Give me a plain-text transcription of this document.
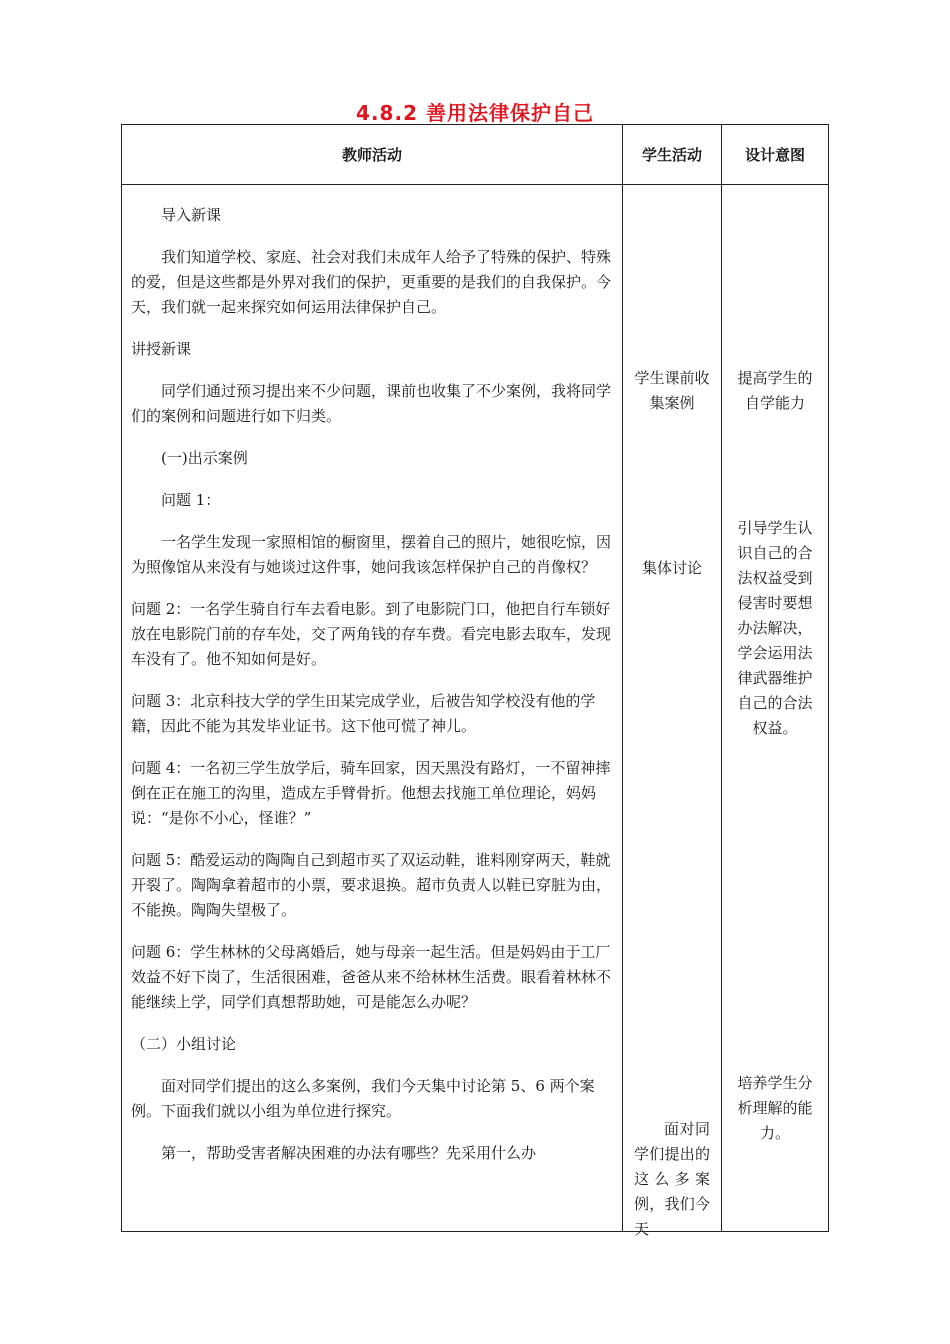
4.8.2 善用法律保护自己
教师活动	学生活动	设计意图

导入新课

我们知道学校、家庭、社会对我们未成年人给予了特殊的保护、特殊的爱，但是这些都是外界对我们的保护，更重要的是我们的自我保护。今天，我们就一起来探究如何运用法律保护自己。

讲授新课

同学们通过预习提出来不少问题，课前也收集了不少案例，我将同学们的案例和问题进行如下归类。

(一)出示案例

问题 1：

一名学生发现一家照相馆的橱窗里，摆着自己的照片，她很吃惊，因为照像馆从来没有与她谈过这件事，她问我该怎样保护自己的肖像权？

问题 2：一名学生骑自行车去看电影。到了电影院门口，他把自行车锁好放在电影院门前的存车处，交了两角钱的存车费。看完电影去取车，发现车没有了。他不知如何是好。

问题 3：北京科技大学的学生田某完成学业，后被告知学校没有他的学籍，因此不能为其发毕业证书。这下他可慌了神儿。

问题 4：一名初三学生放学后，骑车回家，因天黑没有路灯，一不留神摔倒在正在施工的沟里，造成左手臂骨折。他想去找施工单位理论，妈妈说：“是你不小心，怪谁？”

问题 5：酷爱运动的陶陶自己到超市买了双运动鞋，谁料刚穿两天，鞋就开裂了。陶陶拿着超市的小票，要求退换。超市负责人以鞋已穿脏为由，不能换。陶陶失望极了。

问题 6：学生林林的父母离婚后，她与母亲一起生活。但是妈妈由于工厂效益不好下岗了，生活很困难，爸爸从来不给林林生活费。眼看着林林不能继续上学，同学们真想帮助她，可是能怎么办呢？

（二）小组讨论

面对同学们提出的这么多案例，我们今天集中讨论第 5、6 两个案例。下面我们就以小组为单位进行探究。

第一，帮助受害者解决困难的办法有哪些？先采用什么办

学生课前收集案例
集体讨论
面对同学们提出的这么多案例，我们今天
提高学生的自学能力
引导学生认识自己的合法权益受到侵害时要想办法解决，学会运用法律武器维护自己的合法权益。
培养学生分析理解的能力。
